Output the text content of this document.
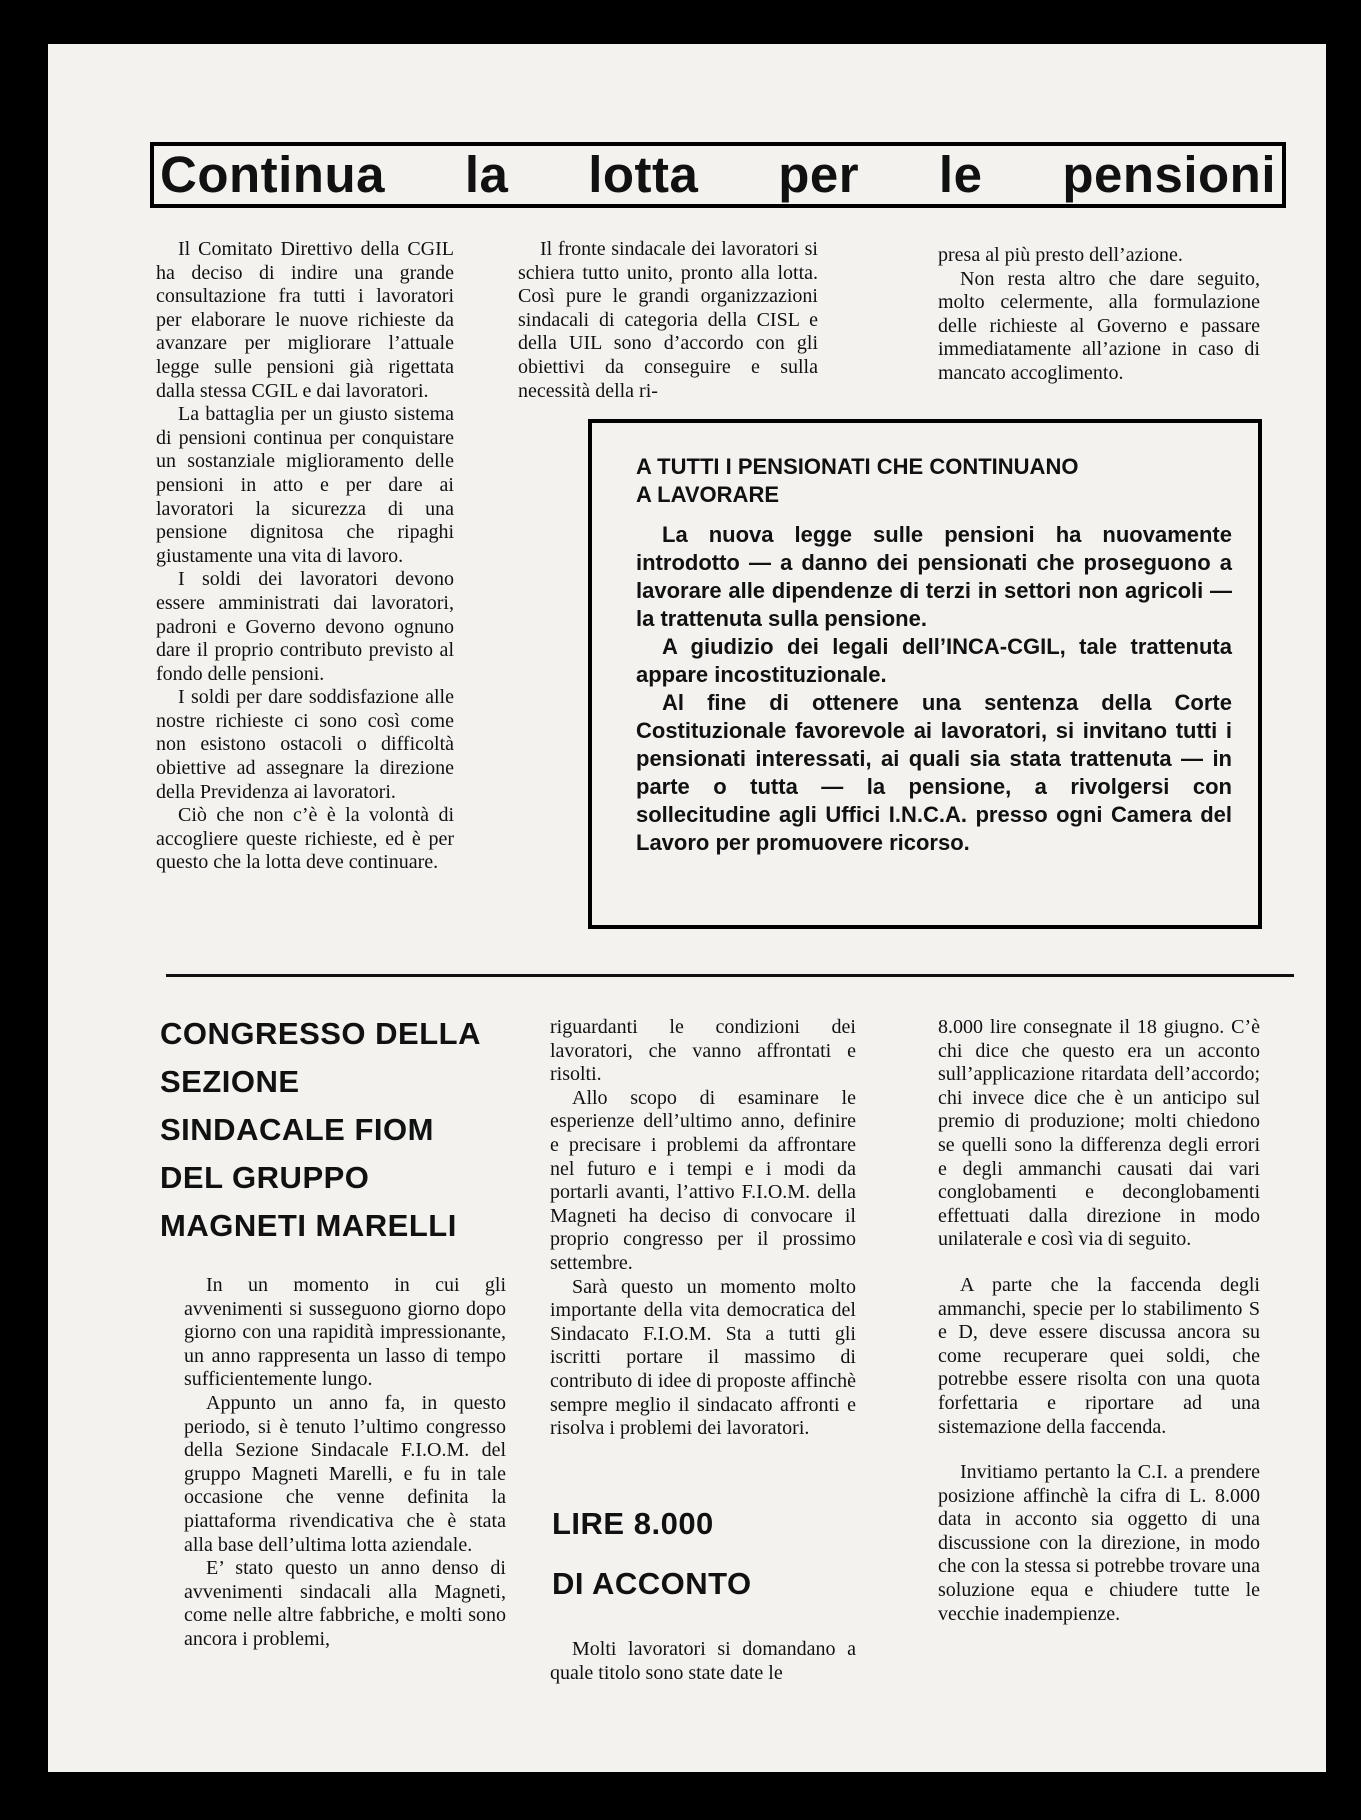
Continua la lotta per le pensioni

Il Comitato Direttivo della CGIL ha deciso di indire una grande consultazione fra tutti i lavoratori per elaborare le nuove richieste da avanzare per migliorare l’attuale legge sulle pensioni già rigettata dalla stessa CGIL e dai lavoratori.

La battaglia per un giusto sistema di pensioni continua per conquistare un sostanziale miglioramento delle pensioni in atto e per dare ai lavoratori la sicurezza di una pensione dignitosa che ripaghi giustamente una vita di lavoro.

I soldi dei lavoratori devono essere amministrati dai lavoratori, padroni e Governo devono ognuno dare il proprio contributo previsto al fondo delle pensioni.

I soldi per dare soddisfazione alle nostre richieste ci sono così come non esistono ostacoli o difficoltà obiettive ad assegnare la direzione della Previdenza ai lavoratori.

Ciò che non c’è è la volontà di accogliere queste richieste, ed è per questo che la lotta deve continuare.

Il fronte sindacale dei lavoratori si schiera tutto unito, pronto alla lotta. Così pure le grandi organizzazioni sindacali di categoria della CISL e della UIL sono d’accordo con gli obiettivi da conseguire e sulla necessità della ri-

presa al più presto dell’azione.

Non resta altro che dare seguito, molto celermente, alla formulazione delle richieste al Governo e passare immediatamente all’azione in caso di mancato accoglimento.

A TUTTI I PENSIONATI CHE CONTINUANO
A LAVORARE

La nuova legge sulle pensioni ha nuovamente introdotto — a danno dei pensionati che proseguono a lavorare alle dipendenze di terzi in settori non agricoli — la trattenuta sulla pensione.

A giudizio dei legali dell’INCA-CGIL, tale trattenuta appare incostituzionale.

Al fine di ottenere una sentenza della Corte Costituzionale favorevole ai lavoratori, si invitano tutti i pensionati interessati, ai quali sia stata trattenuta — in parte o tutta — la pensione, a rivolgersi con sollecitudine agli Uffici I.N.C.A. presso ogni Camera del Lavoro per promuovere ricorso.

CONGRESSO DELLA
SEZIONE
SINDACALE FIOM
DEL GRUPPO
MAGNETI MARELLI

In un momento in cui gli avvenimenti si susseguono giorno dopo giorno con una rapidità impressionante, un anno rappresenta un lasso di tempo sufficientemente lungo.

Appunto un anno fa, in questo periodo, si è tenuto l’ultimo congresso della Sezione Sindacale F.I.O.M. del gruppo Magneti Marelli, e fu in tale occasione che venne definita la piattaforma rivendicativa che è stata alla base dell’ultima lotta aziendale.

E’ stato questo un anno denso di avvenimenti sindacali alla Magneti, come nelle altre fabbriche, e molti sono ancora i problemi,

riguardanti le condizioni dei lavoratori, che vanno affrontati e risolti.

Allo scopo di esaminare le esperienze dell’ultimo anno, definire e precisare i problemi da affrontare nel futuro e i tempi e i modi da portarli avanti, l’attivo F.I.O.M. della Magneti ha deciso di convocare il proprio congresso per il prossimo settembre.

Sarà questo un momento molto importante della vita democratica del Sindacato F.I.O.M. Sta a tutti gli iscritti portare il massimo di contributo di idee di proposte affinchè sempre meglio il sindacato affronti e risolva i problemi dei lavoratori.

LIRE 8.000
DI ACCONTO

Molti lavoratori si domandano a quale titolo sono state date le

8.000 lire consegnate il 18 giugno. C’è chi dice che questo era un acconto sull’applicazione ritardata dell’accordo; chi invece dice che è un anticipo sul premio di produzione; molti chiedono se quelli sono la differenza degli errori e degli ammanchi causati dai vari conglobamenti e deconglobamenti effettuati dalla direzione in modo unilaterale e così via di seguito.

A parte che la faccenda degli ammanchi, specie per lo stabilimento S e D, deve essere discussa ancora su come recuperare quei soldi, che potrebbe essere risolta con una quota forfettaria e riportare ad una sistemazione della faccenda.

Invitiamo pertanto la C.I. a prendere posizione affinchè la cifra di L. 8.000 data in acconto sia oggetto di una discussione con la direzione, in modo che con la stessa si potrebbe trovare una soluzione equa e chiudere tutte le vecchie inadempienze.
